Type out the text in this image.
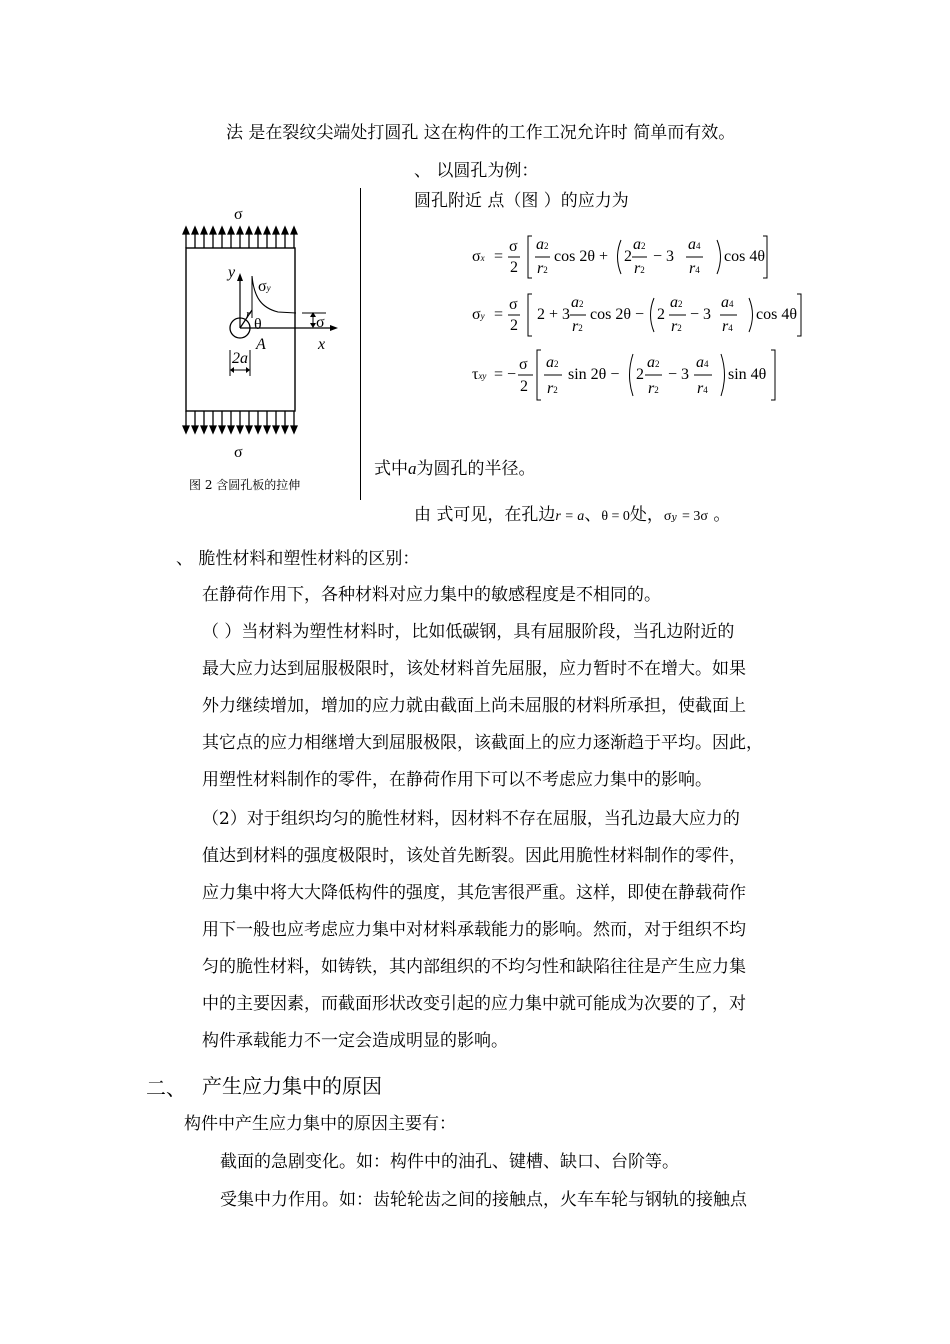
法 是在裂纹尖端处打圆孔 这在构件的工作工况允许时 简单而有效。
、 以圆孔为例：
圆孔附近 点（图 ）的应力为
σ
σ
y
x
σy
r
θ
A
2a
σ
图 2 含圆孔板的拉伸
σx =
σ
2
a2
r2
cos 2θ + 2
a2
r2
− 3
a4
r4
cos 4θ
σy =
σ
2
2 + 3
a2
r2
cos 2θ − 2
a2
r2
− 3
a4
r4
cos 4θ
τxy = −
σ
2
a2
r2
sin 2θ − 2
a2
r2
− 3
a4
r4
sin 4θ
式中a为圆孔的半径。
由 式可见，在孔边r = a、θ = 0处，σy = 3σ 。
、 脆性材料和塑性材料的区别：
在静荷作用下，各种材料对应力集中的敏感程度是不相同的。
（ ）当材料为塑性材料时，比如低碳钢，具有屈服阶段，当孔边附近的
最大应力达到屈服极限时，该处材料首先屈服，应力暂时不在增大。如果
外力继续增加，增加的应力就由截面上尚未屈服的材料所承担，使截面上
其它点的应力相继增大到屈服极限，该截面上的应力逐渐趋于平均。因此，
用塑性材料制作的零件，在静荷作用下可以不考虑应力集中的影响。
（2）对于组织均匀的脆性材料，因材料不存在屈服，当孔边最大应力的
值达到材料的强度极限时，该处首先断裂。因此用脆性材料制作的零件，
应力集中将大大降低构件的强度，其危害很严重。这样，即使在静载荷作
用下一般也应考虑应力集中对材料承载能力的影响。然而，对于组织不均
匀的脆性材料，如铸铁，其内部组织的不均匀性和缺陷往往是产生应力集
中的主要因素，而截面形状改变引起的应力集中就可能成为次要的了，对
构件承载能力不一定会造成明显的影响。
二、 产生应力集中的原因
构件中产生应力集中的原因主要有：
截面的急剧变化。如：构件中的油孔、键槽、缺口、台阶等。
受集中力作用。如：齿轮轮齿之间的接触点，火车车轮与钢轨的接触点
